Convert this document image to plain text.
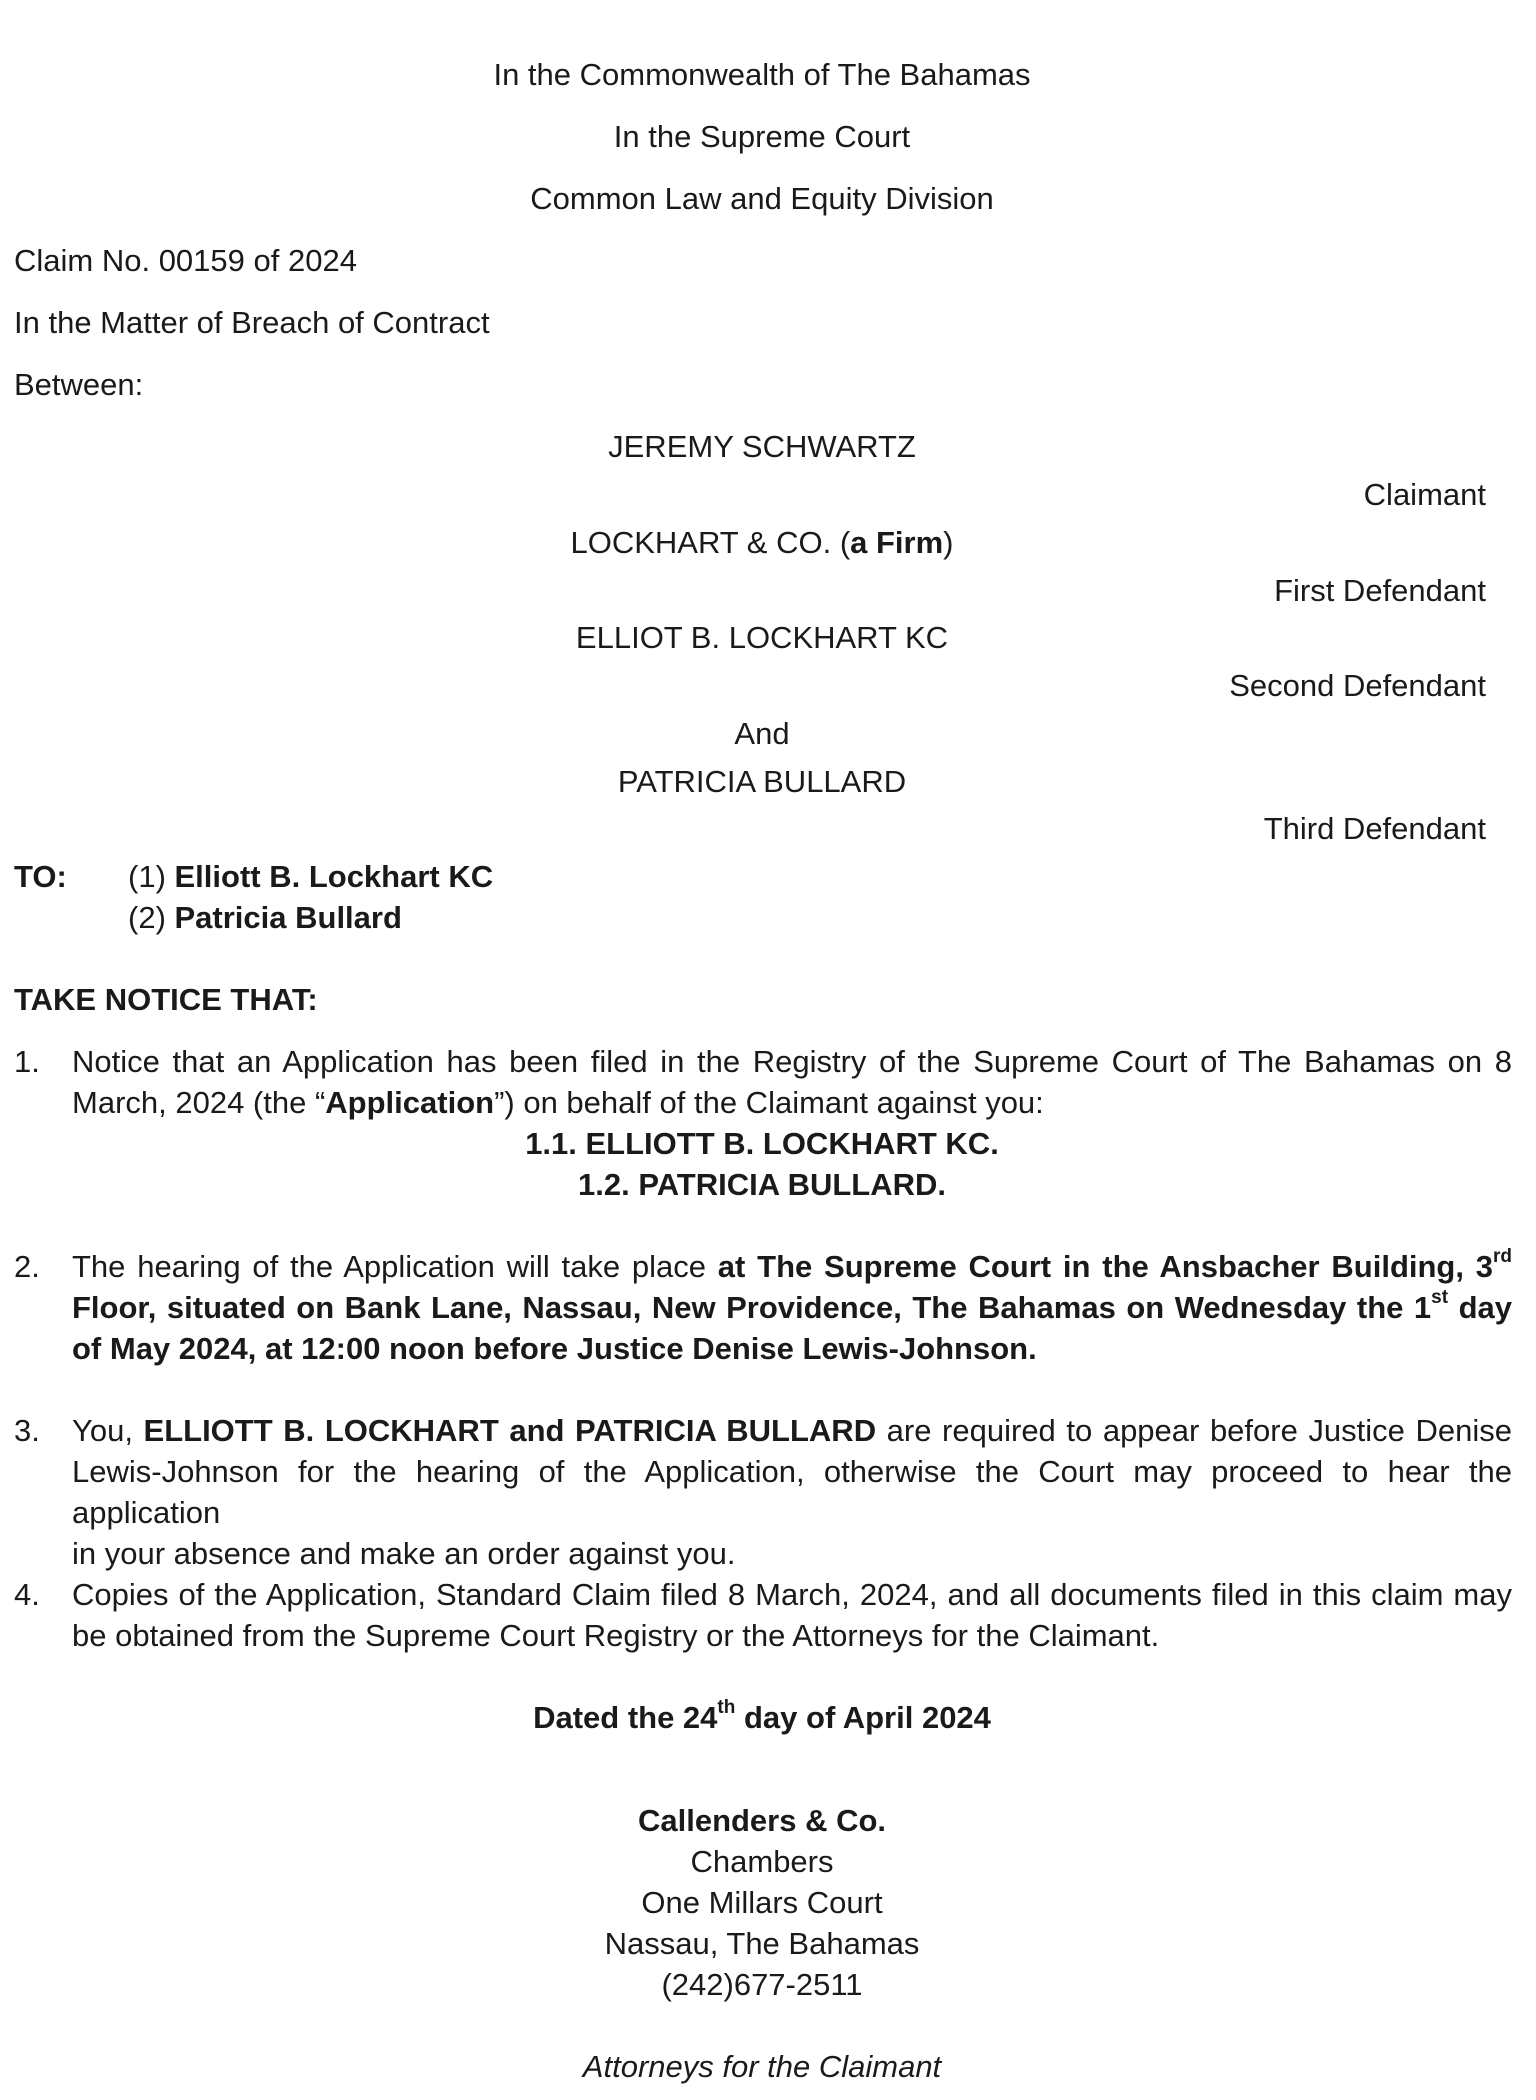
In the Commonwealth of The Bahamas
In the Supreme Court
Common Law and Equity Division
Claim No. 00159 of 2024
In the Matter of Breach of Contract
Between:
JEREMY SCHWARTZ
Claimant
LOCKHART & CO. (a Firm)
First Defendant
ELLIOT B. LOCKHART KC
Second Defendant
And
PATRICIA BULLARD
Third Defendant
TO: (1) Elliott B. Lockhart KC
(2) Patricia Bullard
TAKE NOTICE THAT:
1. Notice that an Application has been filed in the Registry of the Supreme Court of The Bahamas on 8
March, 2024 (the “Application”) on behalf of the Claimant against you:
1.1. ELLIOTT B. LOCKHART KC.
1.2. PATRICIA BULLARD.
2. The hearing of the Application will take place at The Supreme Court in the Ansbacher Building, 3rd
Floor, situated on Bank Lane, Nassau, New Providence, The Bahamas on Wednesday the 1st day
of May 2024, at 12:00 noon before Justice Denise Lewis-Johnson.
3. You, ELLIOTT B. LOCKHART and PATRICIA BULLARD are required to appear before Justice Denise
Lewis-Johnson for the hearing of the Application, otherwise the Court may proceed to hear the application
in your absence and make an order against you.
4. Copies of the Application, Standard Claim filed 8 March, 2024, and all documents filed in this claim may
be obtained from the Supreme Court Registry or the Attorneys for the Claimant.
Dated the 24th day of April 2024
Callenders & Co.
Chambers
One Millars Court
Nassau, The Bahamas
(242)677-2511
Attorneys for the Claimant
